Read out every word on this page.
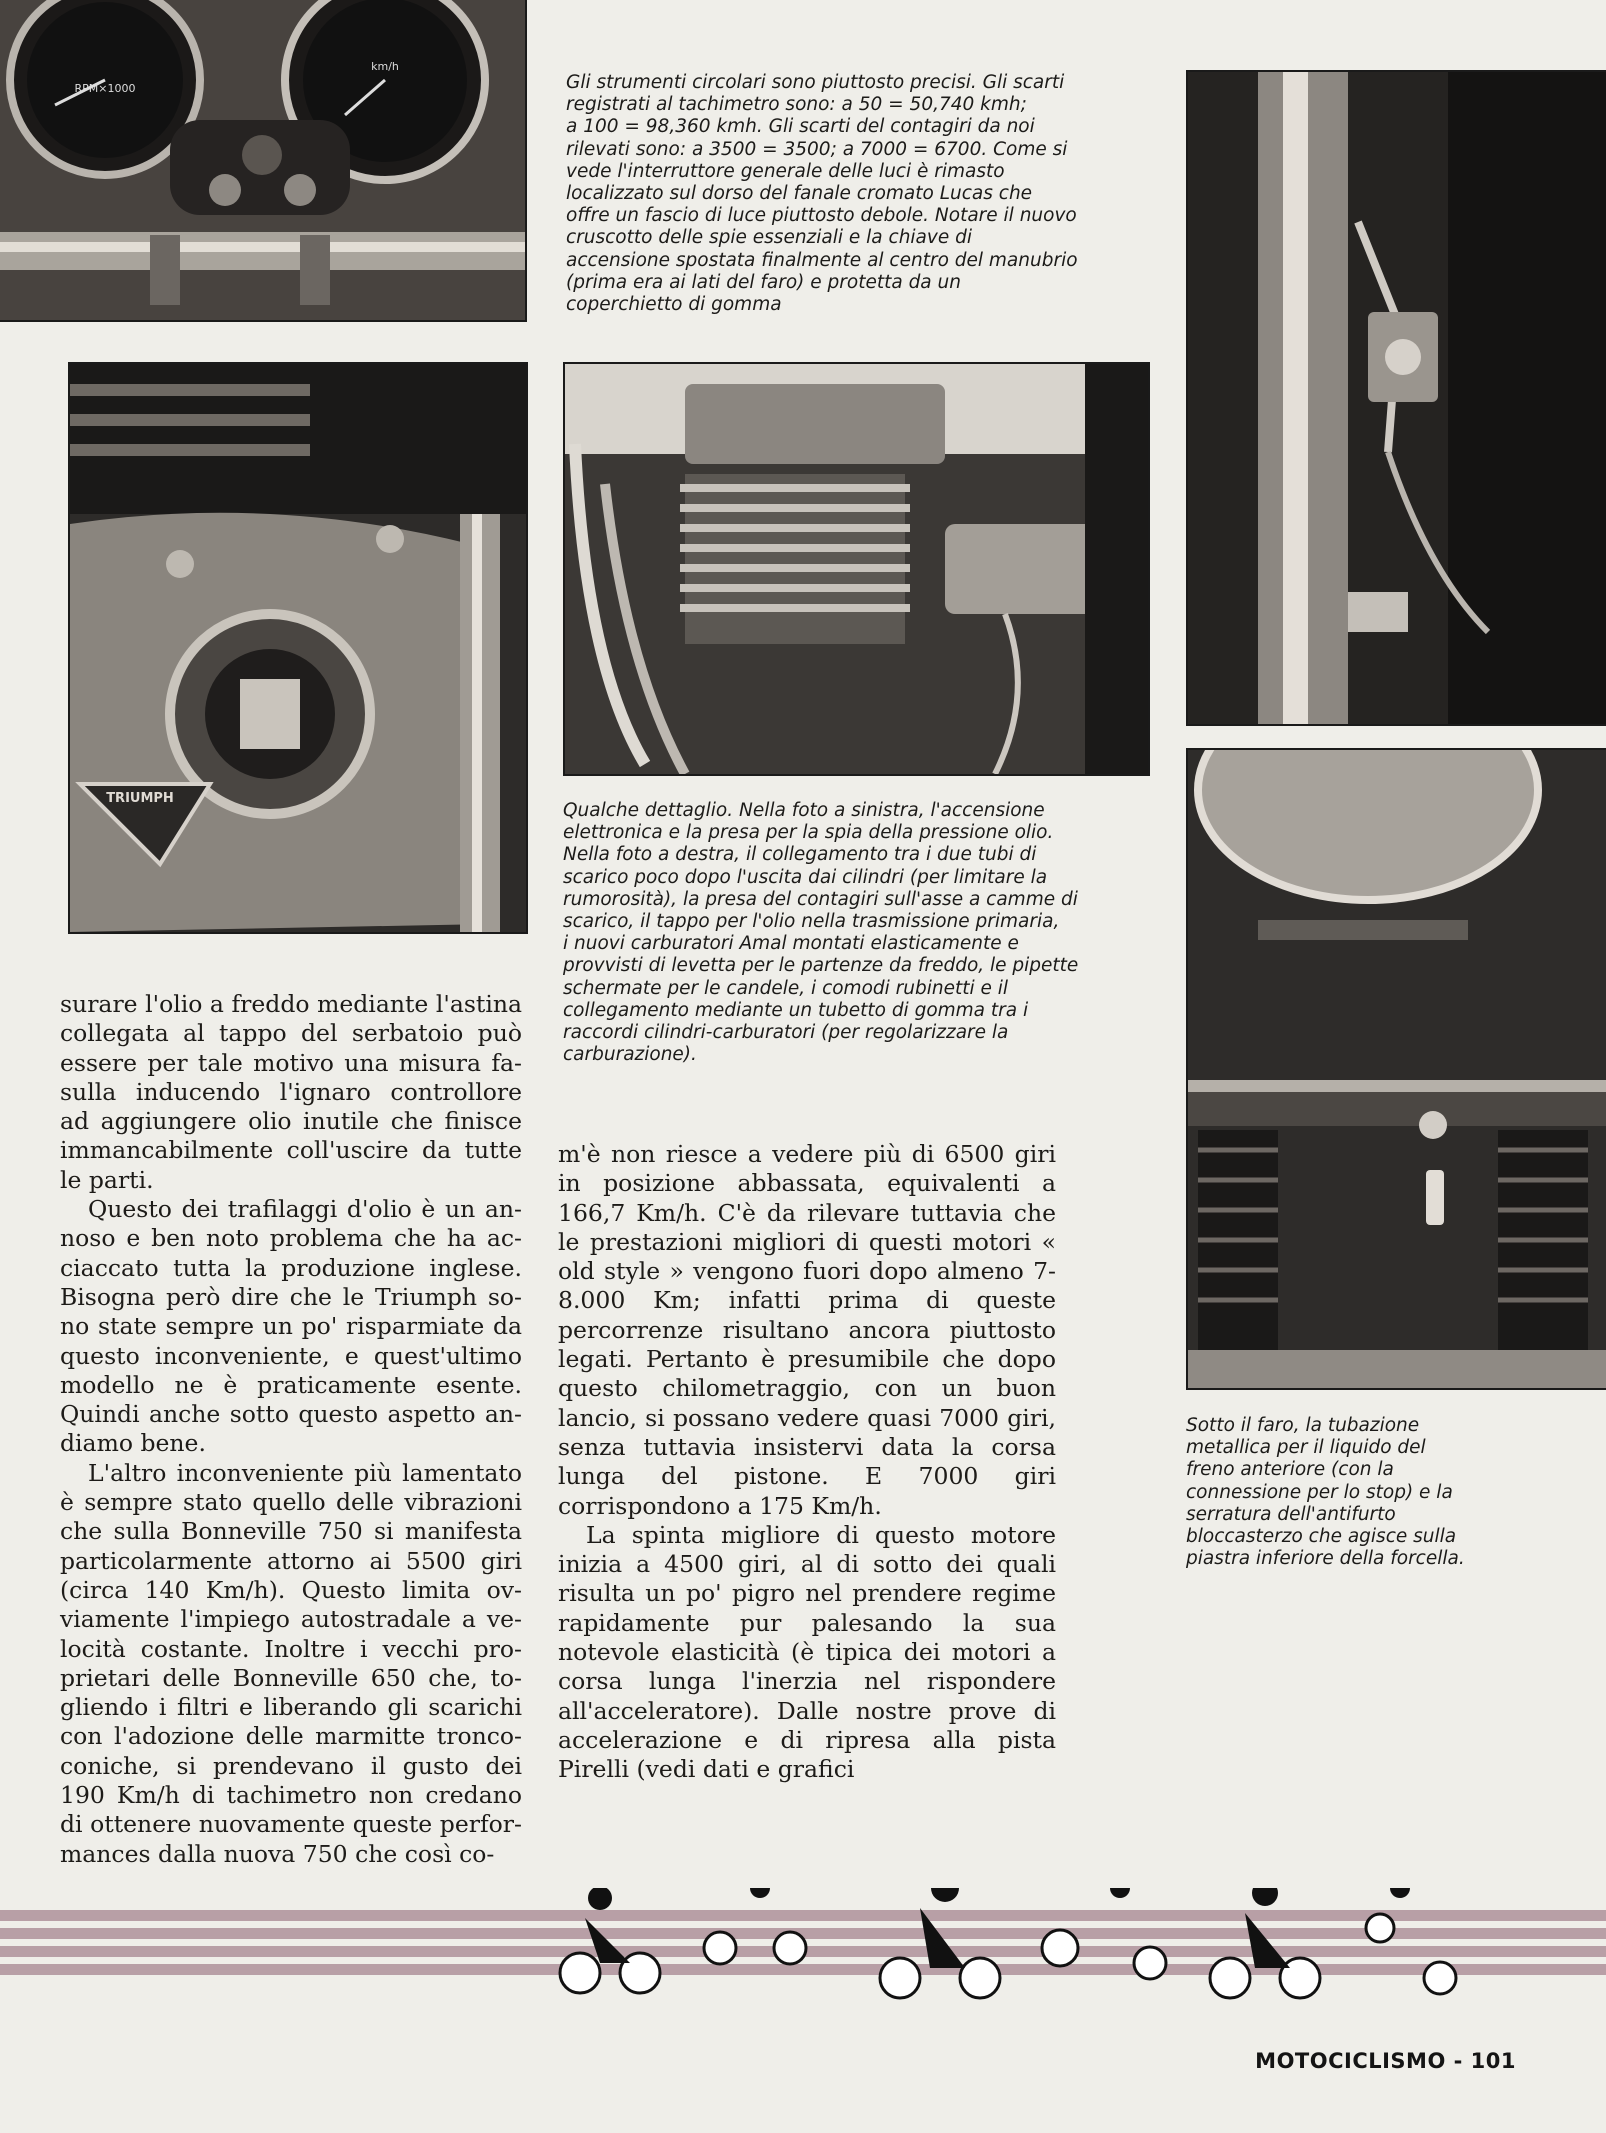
RPM×1000
km/h
Gli strumenti circolari sono piuttosto precisi. Gli scarti
registrati al tachimetro sono: a 50 = 50,740 kmh;
a 100 = 98,360 kmh. Gli scarti del contagiri da noi
rilevati sono: a 3500 = 3500; a 7000 = 6700. Come si
vede l'interruttore generale delle luci è rimasto
localizzato sul dorso del fanale cromato Lucas che
offre un fascio di luce piuttosto debole. Notare il nuovo
cruscotto delle spie essenziali e la chiave di
accensione spostata finalmente al centro del manubrio
(prima era ai lati del faro) e protetta da un
coperchietto di gomma
TRIUMPH
Qualche dettaglio. Nella foto a sinistra, l'accensione
elettronica e la presa per la spia della pressione olio.
Nella foto a destra, il collegamento tra i due tubi di
scarico poco dopo l'uscita dai cilindri (per limitare la
rumorosità), la presa del contagiri sull'asse a camme di
scarico, il tappo per l'olio nella trasmissione primaria,
i nuovi carburatori Amal montati elasticamente e
provvisti di levetta per le partenze da freddo, le pipette
schermate per le candele, i comodi rubinetti e il
collegamento mediante un tubetto di gomma tra i
raccordi cilindri-carburatori (per regolarizzare la
carburazione).
Sotto il faro, la tubazione
metallica per il liquido del
freno anteriore (con la
connessione per lo stop) e la
serratura dell'antifurto
bloccasterzo che agisce sulla
piastra inferiore della forcella.

surare l'olio a freddo mediante l'astina collegata al tappo del serbatoio può essere per tale motivo una misura fasulla inducendo l'ignaro controllore ad aggiungere olio inutile che finisce immancabilmente coll'uscire da tutte le parti.

Questo dei trafilaggi d'olio è un annoso e ben noto problema che ha acciaccato tutta la produzione inglese. Bisogna però dire che le Triumph sono state sempre un po' risparmiate da questo inconveniente, e quest'ultimo modello ne è praticamente esente. Quindi anche sotto questo aspetto andiamo bene.

L'altro inconveniente più lamentato è sempre stato quello delle vibrazioni che sulla Bonneville 750 si manifesta particolarmente attorno ai 5500 giri (circa 140 Km/h). Questo limita ovviamente l'impiego autostradale a velocità costante. Inoltre i vecchi proprietari delle Bonneville 650 che, togliendo i filtri e liberando gli scarichi con l'adozione delle marmitte troncoconiche, si prendevano il gusto dei 190 Km/h di tachimetro non credano di ottenere nuovamente queste performances dalla nuova 750 che così co-

m'è non riesce a vedere più di 6500 giri in posizione abbassata, equivalenti a 166,7 Km/h. C'è da rilevare tuttavia che le prestazioni migliori di questi motori « old style » vengono fuori dopo almeno 7-8.000 Km; infatti prima di queste percorrenze risultano ancora piuttosto legati. Pertanto è presumibile che dopo questo chilometraggio, con un buon lancio, si possano vedere quasi 7000 giri, senza tuttavia insistervi data la corsa lunga del pistone. E 7000 giri corrispondono a 175 Km/h.

La spinta migliore di questo motore inizia a 4500 giri, al di sotto dei quali risulta un po' pigro nel prendere regime rapidamente pur palesando la sua notevole elasticità (è tipica dei motori a corsa lunga l'inerzia nel rispondere all'acceleratore). Dalle nostre prove di accelerazione e di ripresa alla pista Pirelli (vedi dati e grafici

MOTOCICLISMO - 101
